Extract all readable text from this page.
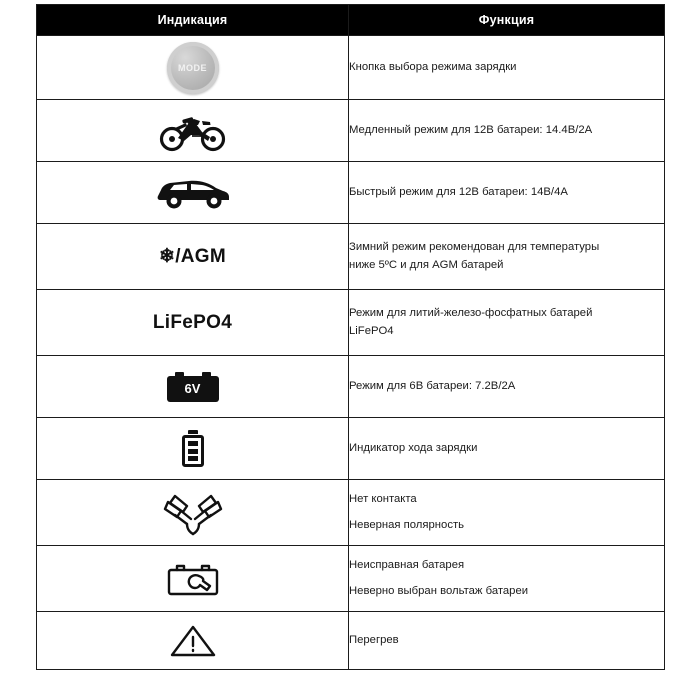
Индикация	Функция

MODE	Кнопка выбора режима зарядки

Медленный режим для 12В батареи: 14.4В/2А

Быстрый режим для 12В батареи: 14В/4А

❄/AGM	Зимний режим рекомендован для температуры
ниже 5ºС и для AGM батарей

LiFePO4	Режим для литий-железо-фосфатных батарей
LiFePO4

6V	Режим для 6В батареи: 7.2В/2А

	Индикатор хода зарядки

Нет контакта
Неверная полярность

Неисправная батарея
Неверно выбран вольтаж батареи

Перегрев
